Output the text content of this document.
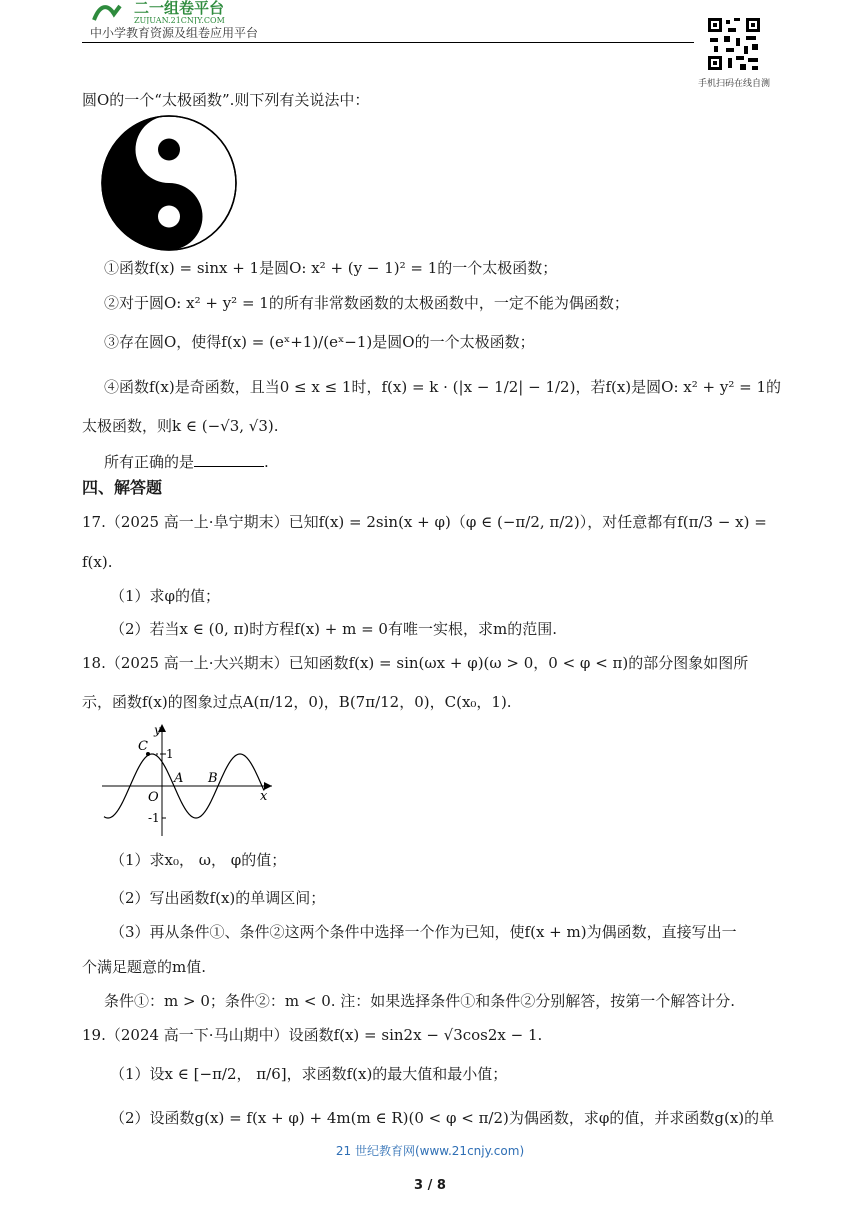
二一组卷平台
ZUJUAN.21CNJY.COM
中小学教育资源及组卷应用平台
手机扫码在线自测
圆O的一个“太极函数”.则下列有关说法中：
①函数f(x) = sinx + 1是圆O: x² + (y − 1)² = 1的一个太极函数；
②对于圆O: x² + y² = 1的所有非常数函数的太极函数中，一定不能为偶函数；
③存在圆O，使得f(x) = (eˣ+1)/(eˣ−1)是圆O的一个太极函数；
④函数f(x)是奇函数，且当0 ≤ x ≤ 1时，f(x) = k · (|x − 1/2| − 1/2)，若f(x)是圆O: x² + y² = 1的
太极函数，则k ∈ (−√3, √3).
所有正确的是	.
四、解答题
17.（2025 高一上·阜宁期末）已知f(x) = 2sin(x + φ)（φ ∈ (−π/2, π/2)），对任意都有f(π/3 − x) =
f(x).
（1）求φ的值；
（2）若当x ∈ (0, π)时方程f(x) + m = 0有唯一实根，求m的范围.
18.（2025 高一上·大兴期末）已知函数f(x) = sin(ωx + φ)(ω > 0，0 < φ < π)的部分图象如图所
示，函数f(x)的图象过点A(π/12，0)，B(7π/12，0)，C(x₀，1).
y
x
O
1
-1
C
A B
（1）求x₀， ω， φ的值；
（2）写出函数f(x)的单调区间；
（3）再从条件①、条件②这两个条件中选择一个作为已知，使f(x + m)为偶函数，直接写出一
个满足题意的m值.
条件①：m > 0；条件②：m < 0. 注：如果选择条件①和条件②分别解答，按第一个解答计分.
19.（2024 高一下·马山期中）设函数f(x) = sin2x − √3cos2x − 1.
（1）设x ∈ [−π/2， π/6]，求函数f(x)的最大值和最小值；
（2）设函数g(x) = f(x + φ) + 4m(m ∈ R)(0 < φ < π/2)为偶函数，求φ的值，并求函数g(x)的单
21 世纪教育网(www.21cnjy.com)
3 / 8
